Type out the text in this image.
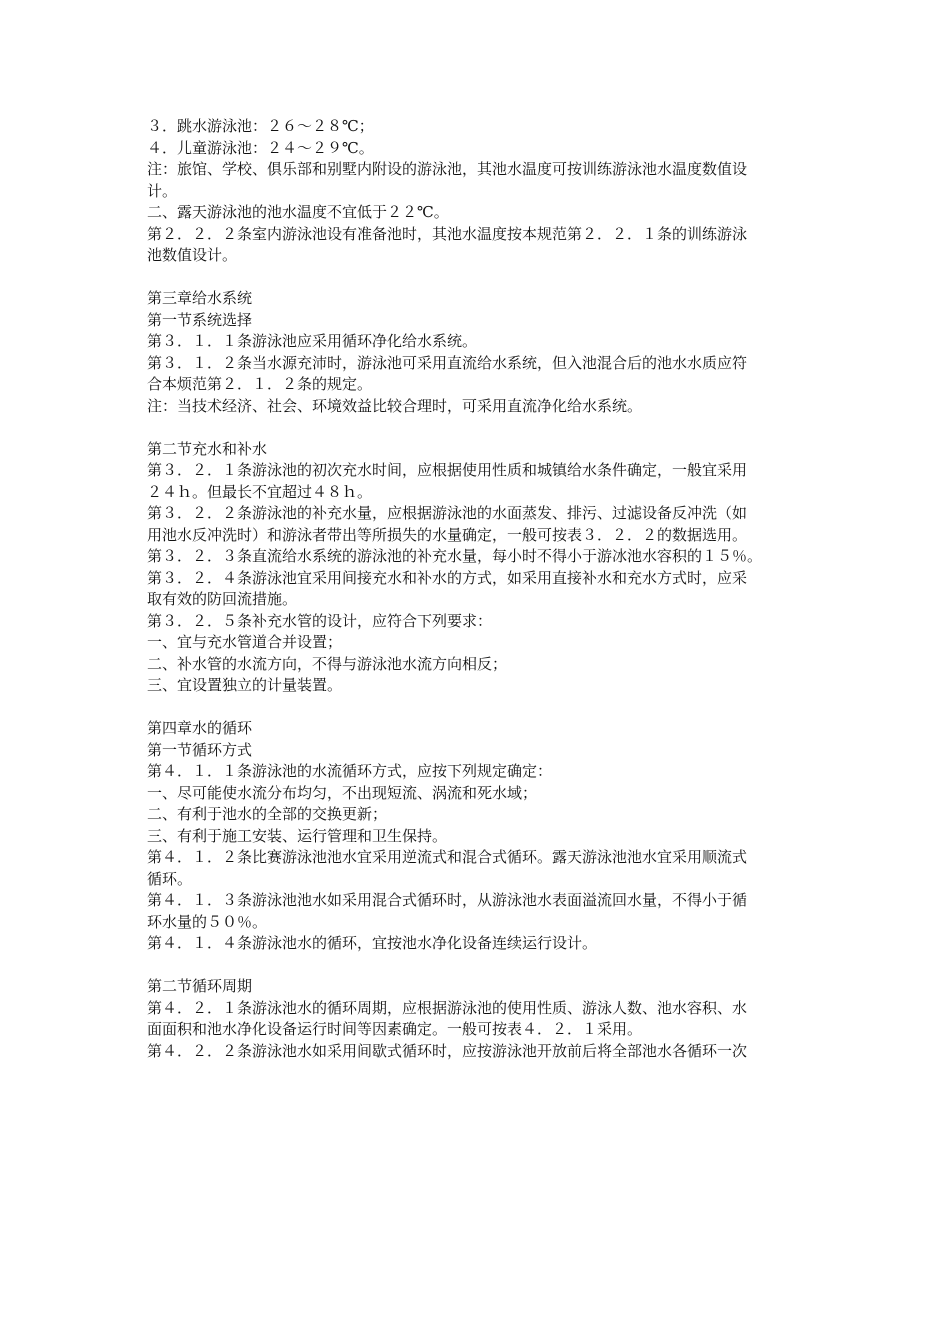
３．跳水游泳池：２６～２８℃；
４．儿童游泳池：２４～２９℃。
注：旅馆、学校、俱乐部和别墅内附设的游泳池，其池水温度可按训练游泳池水温度数值设
计。
二、露天游泳池的池水温度不宜低于２２℃。
第２．２．２条室内游泳池设有准备池时，其池水温度按本规范第２．２．１条的训练游泳
池数值设计。
第三章给水系统
第一节系统选择
第３．１．１条游泳池应采用循环净化给水系统。
第３．１．２条当水源充沛时，游泳池可采用直流给水系统，但入池混合后的池水水质应符
合本烦范第２．１．２条的规定。
注：当技术经济、社会、环境效益比较合理时，可采用直流净化给水系统。
第二节充水和补水
第３．２．１条游泳池的初次充水时间，应根据使用性质和城镇给水条件确定，一般宜采用
２４ｈ。但最长不宜超过４８ｈ。
第３．２．２条游泳池的补充水量，应根据游泳池的水面蒸发、排污、过滤设备反冲洗（如
用池水反冲洗时）和游泳者带出等所损失的水量确定，一般可按表３．２．２的数据选用。
第３．２．３条直流给水系统的游泳池的补充水量，每小时不得小于游冰池水容积的１５％。
第３．２．４条游泳池宜采用间接充水和补水的方式，如采用直接补水和充水方式时，应采
取有效的防回流措施。
第３．２．５条补充水管的设计，应符合下列要求：
一、宜与充水管道合并设置；
二、补水管的水流方向，不得与游泳池水流方向相反；
三、宜设置独立的计量装置。
第四章水的循环
第一节循环方式
第４．１．１条游泳池的水流循环方式，应按下列规定确定：
一、尽可能使水流分布均匀，不出现短流、涡流和死水域；
二、有利于池水的全部的交换更新；
三、有利于施工安装、运行管理和卫生保持。
第４．１．２条比赛游泳池池水宜采用逆流式和混合式循环。露天游泳池池水宜采用顺流式
循环。
第４．１．３条游泳池池水如采用混合式循环时，从游泳池水表面溢流回水量，不得小于循
环水量的５０％。
第４．１．４条游泳池水的循环，宜按池水净化设备连续运行设计。
第二节循环周期
第４．２．１条游泳池水的循环周期，应根据游泳池的使用性质、游泳人数、池水容积、水
面面积和池水净化设备运行时间等因素确定。一般可按表４．２．１采用。
第４．２．２条游泳池水如采用间歇式循环时，应按游泳池开放前后将全部池水各循环一次
